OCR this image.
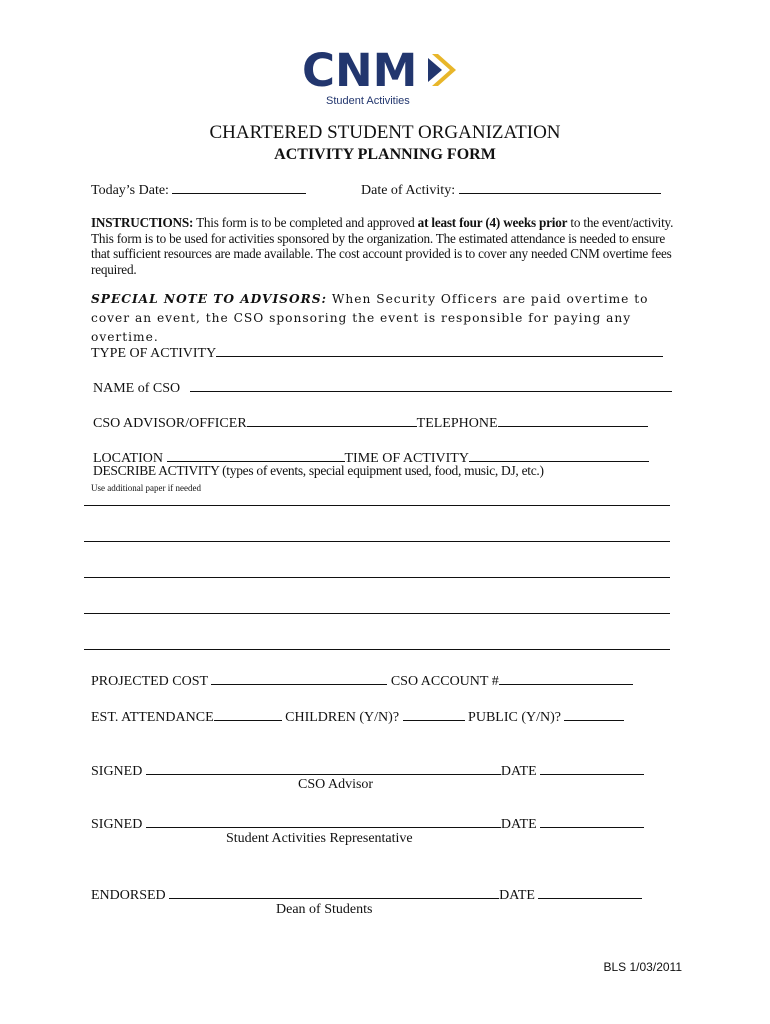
CNM
Student Activities
CHARTERED STUDENT ORGANIZATION
ACTIVITY PLANNING FORM
Today’s Date:	Date of Activity:
INSTRUCTIONS: This form is to be completed and approved at least four (4) weeks prior to the event/activity. This form is to be used for activities sponsored by the organization. The estimated attendance is needed to ensure that sufficient resources are made available. The cost account provided is to cover any needed CNM overtime fees required.
SPECIAL NOTE TO ADVISORS: When Security Officers are paid overtime to cover an event, the CSO sponsoring the event is responsible for paying any overtime.
TYPE OF ACTIVITY
NAME of CSO
CSO ADVISOR/OFFICER	TELEPHONE
LOCATION	TIME OF ACTIVITY
DESCRIBE ACTIVITY (types of events, special equipment used, food, music, DJ, etc.)
Use additional paper if needed
PROJECTED COST	CSO ACCOUNT #
EST. ATTENDANCE	CHILDREN (Y/N)?	PUBLIC (Y/N)?
SIGNED	DATE
CSO Advisor
SIGNED	DATE
Student Activities Representative
ENDORSED	DATE
Dean of Students
BLS 1/03/2011
